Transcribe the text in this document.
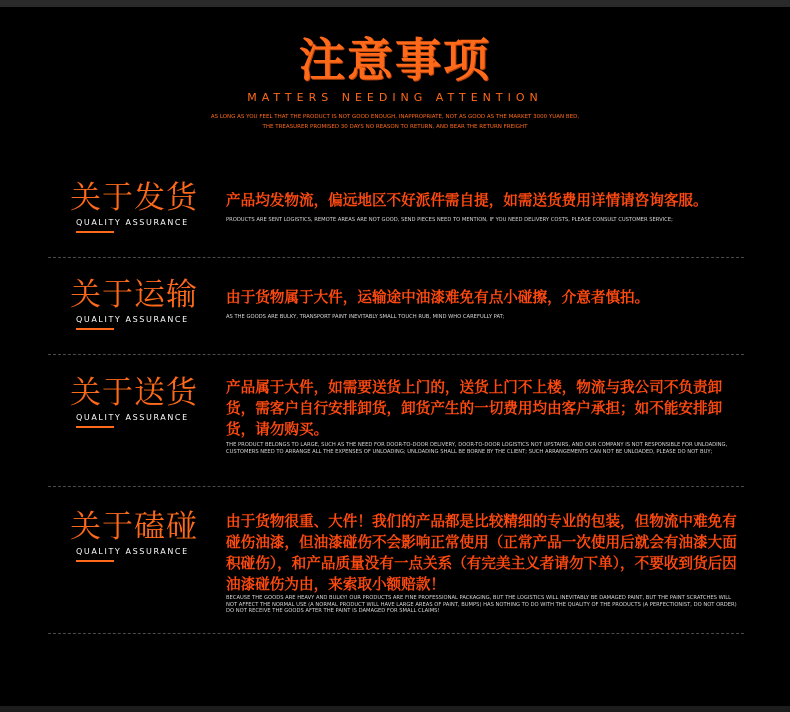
注意事项
MATTERS NEEDING ATTENTION
AS LONG AS YOU FEEL THAT THE PRODUCT IS NOT GOOD ENOUGH, INAPPROPRIATE, NOT AS GOOD AS THE MARKET 3000 YUAN BED,
THE TREASURER PROMISED 30 DAYS NO REASON TO RETURN, AND BEAR THE RETURN FREIGHT
关于发货
QUALITY ASSURANCE
产品均发物流，偏远地区不好派件需自提，如需送货费用详情请咨询客服。
PRODUCTS ARE SENT LOGISTICS, REMOTE AREAS ARE NOT GOOD, SEND PIECES NEED TO MENTION, IF YOU NEED DELIVERY COSTS, PLEASE CONSULT CUSTOMER SERVICE;
关于运输
QUALITY ASSURANCE
由于货物属于大件，运输途中油漆难免有点小碰擦，介意者慎拍。
AS THE GOODS ARE BULKY, TRANSPORT PAINT INEVITABLY SMALL TOUCH RUB, MIND WHO CAREFULLY PAT;
关于送货
QUALITY ASSURANCE
产品属于大件，如需要送货上门的，送货上门不上楼，物流与我公司不负责卸货，需客户自行安排卸货，卸货产生的一切费用均由客户承担；如不能安排卸货，请勿购买。
THE PRODUCT BELONGS TO LARGE, SUCH AS THE NEED FOR DOOR-TO-DOOR DELIVERY, DOOR-TO-DOOR LOGISTICS NOT UPSTAIRS, AND OUR COMPANY IS NOT RESPONSIBLE FOR UNLOADING, CUSTOMERS NEED TO ARRANGE ALL THE EXPENSES OF UNLOADING; UNLOADING SHALL BE BORNE BY THE CLIENT; SUCH ARRANGEMENTS CAN NOT BE UNLOADED, PLEASE DO NOT BUY;
关于磕碰
QUALITY ASSURANCE
由于货物很重、大件！我们的产品都是比较精细的专业的包装，但物流中难免有碰伤油漆，但油漆碰伤不会影响正常使用（正常产品一次使用后就会有油漆大面积碰伤），和产品质量没有一点关系（有完美主义者请勿下单），不要收到货后因油漆碰伤为由，来索取小额赔款！
BECAUSE THE GOODS ARE HEAVY AND BULKY! OUR PRODUCTS ARE FINE PROFESSIONAL PACKAGING, BUT THE LOGISTICS WILL INEVITABLY BE DAMAGED PAINT, BUT THE PAINT SCRATCHES WILL NOT AFFECT THE NORMAL USE (A NORMAL PRODUCT WILL HAVE LARGE AREAS OF PAINT, BUMPS) HAS NOTHING TO DO WITH THE QUALITY OF THE PRODUCTS (A PERFECTIONIST, DO NOT ORDER) DO NOT RECEIVE THE GOODS AFTER THE PAINT IS DAMAGED FOR SMALL CLAIMS!
